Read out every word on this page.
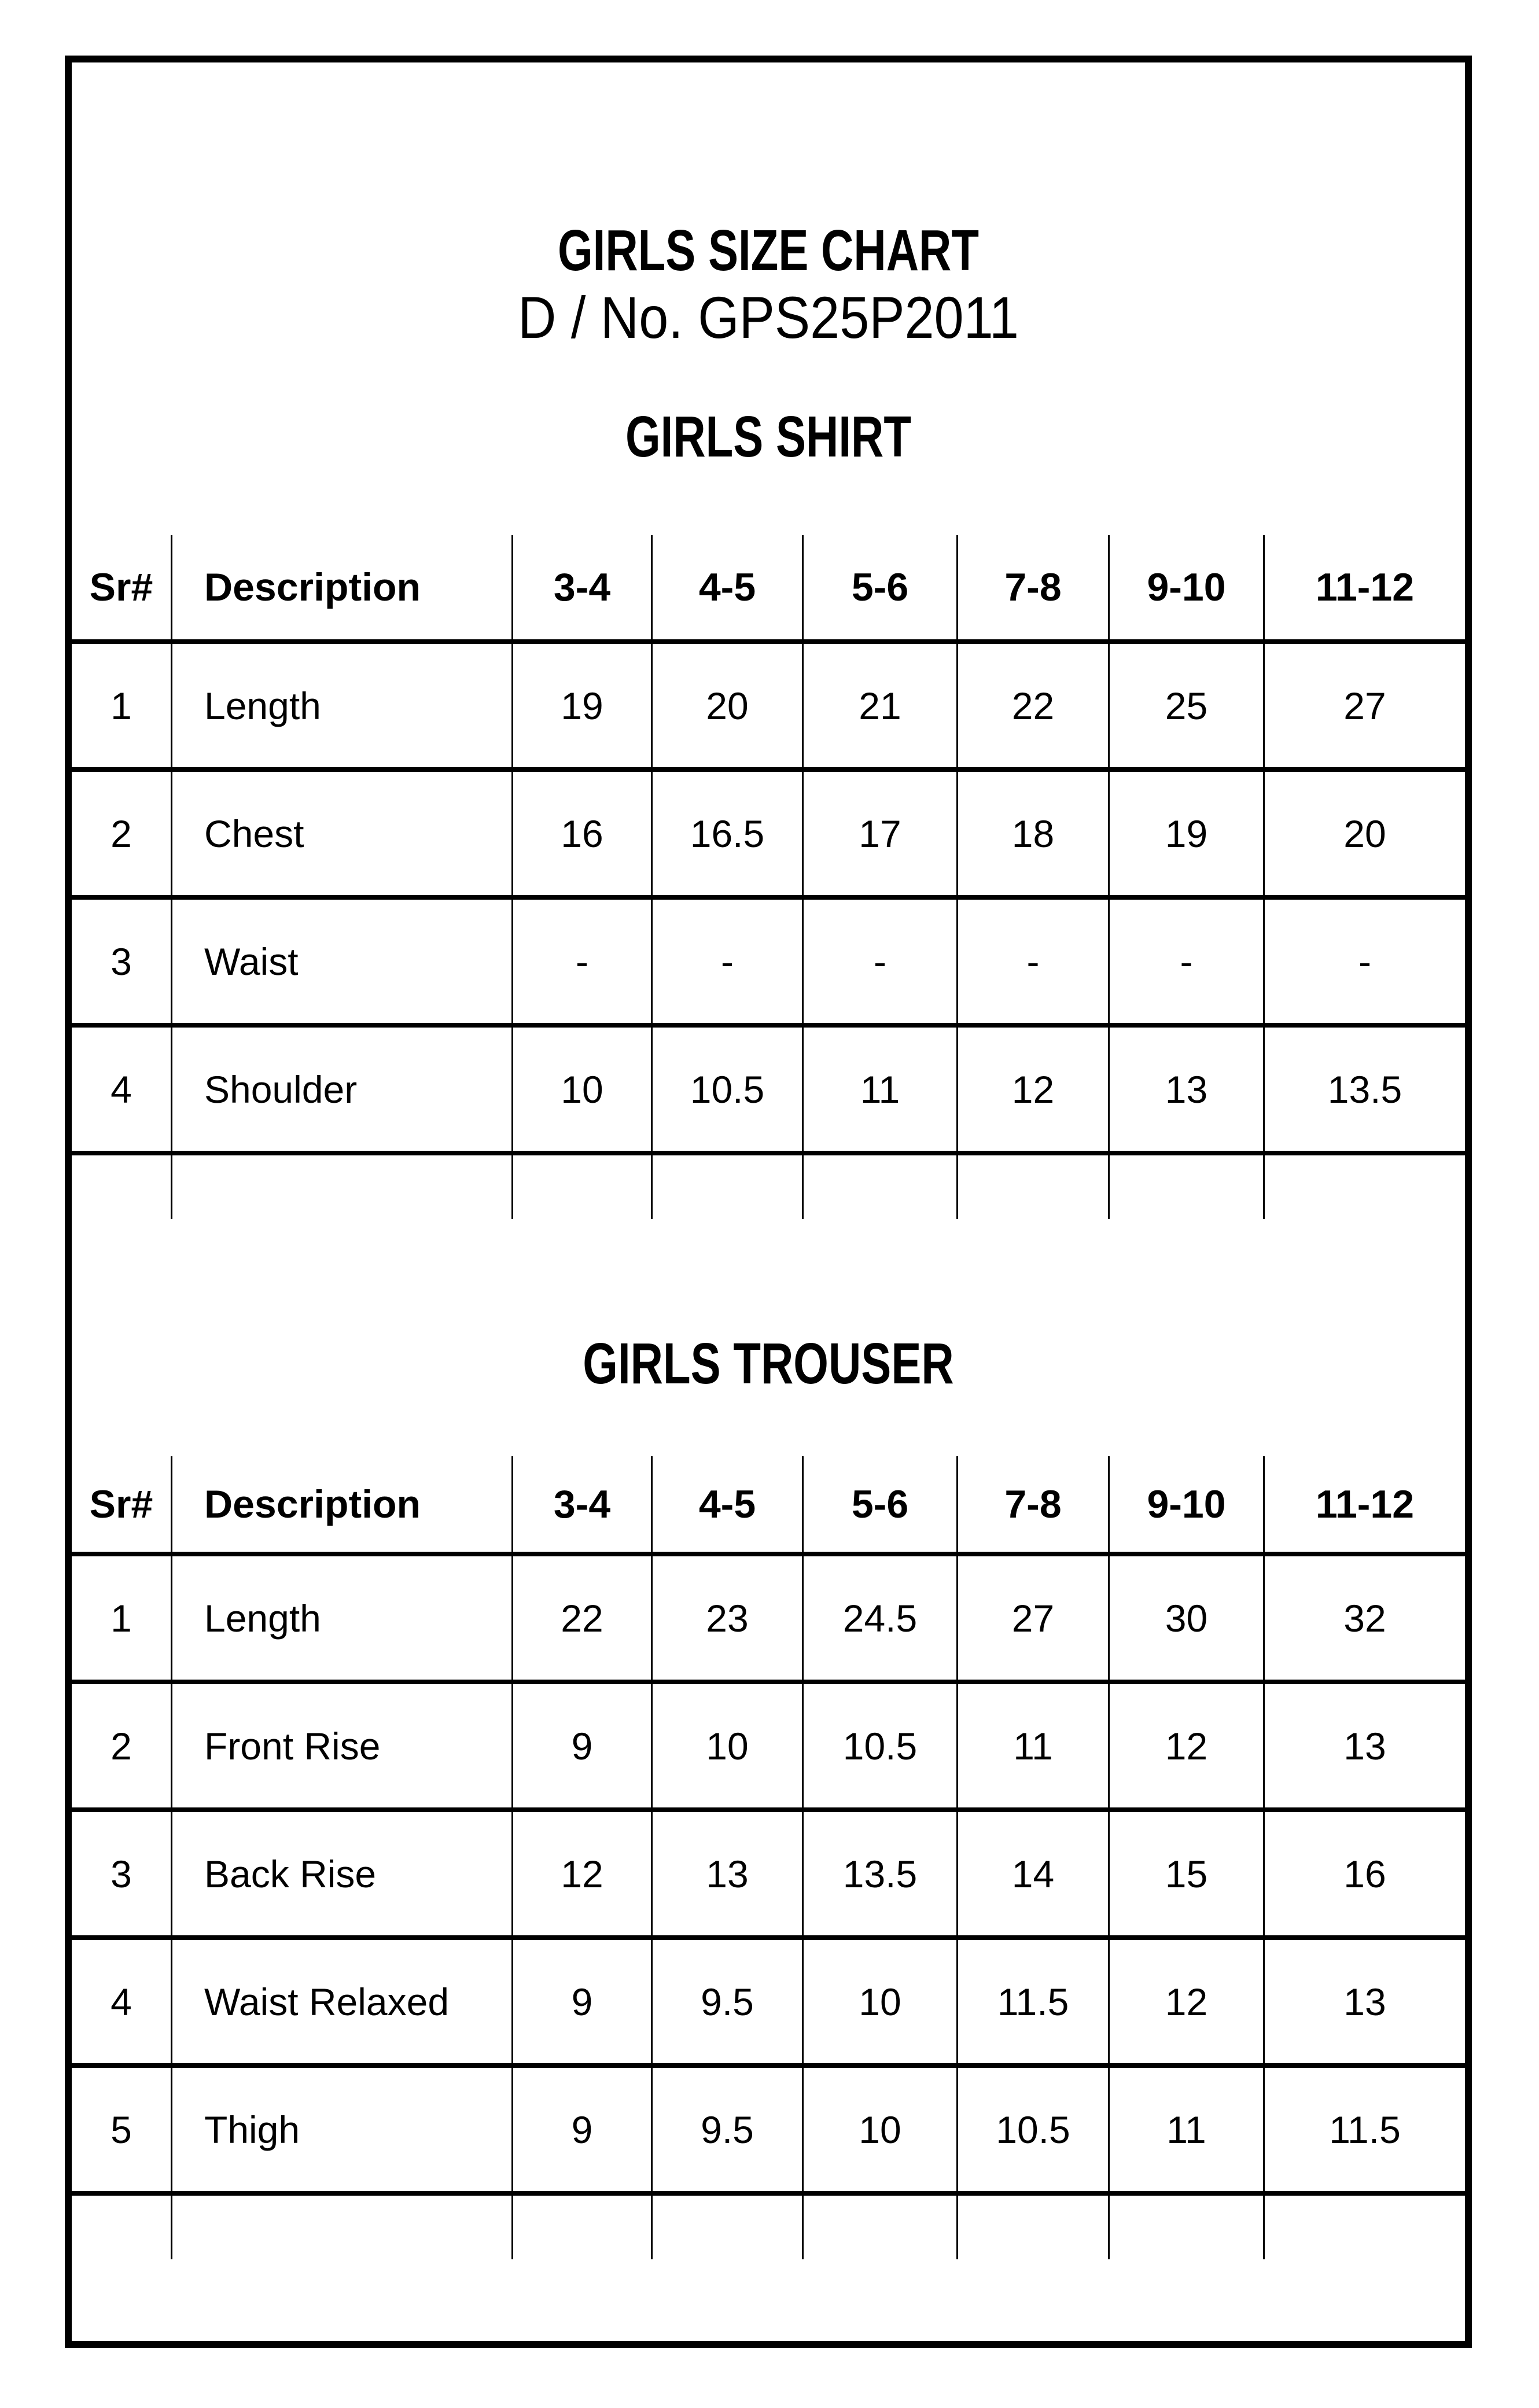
GIRLS SIZE CHART
D / No. GPS25P2011
GIRLS SHIRT
Sr#	Description	3-4	4-5	5-6	7-8	9-10	11-12
1	Length	19	20	21	22	25	27
2	Chest	16	16.5	17	18	19	20
3	Waist	-	-	-	-	-	-
4	Shoulder	10	10.5	11	12	13	13.5
GIRLS TROUSER
Sr#	Description	3-4	4-5	5-6	7-8	9-10	11-12
1	Length	22	23	24.5	27	30	32
2	Front Rise	9	10	10.5	11	12	13
3	Back Rise	12	13	13.5	14	15	16
4	Waist Relaxed	9	9.5	10	11.5	12	13
5	Thigh	9	9.5	10	10.5	11	11.5
